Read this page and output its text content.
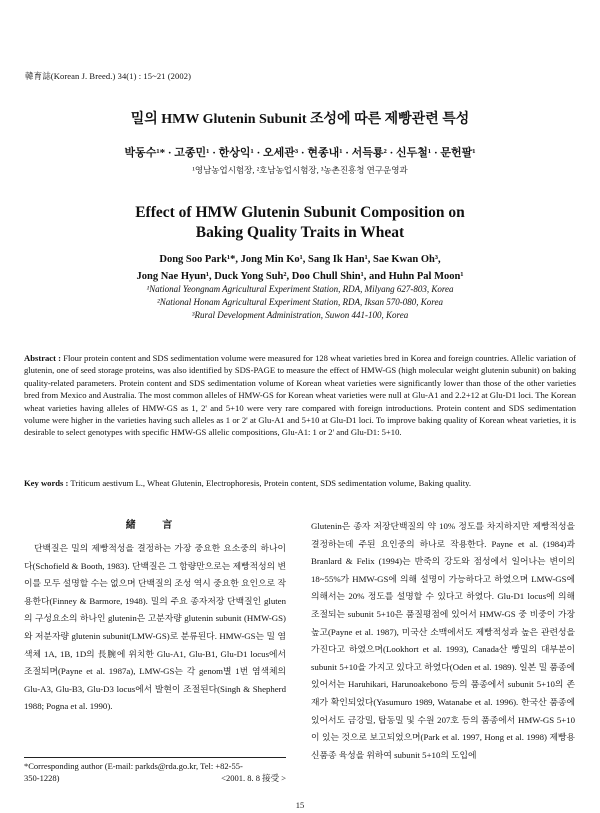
韓育誌(Korean J. Breed.) 34(1) : 15~21 (2002)
밀의 HMW Glutenin Subunit 조성에 따른 제빵관련 특성
박동수¹* · 고종민¹ · 한상익¹ · 오세관³ · 현종내¹ · 서득룡² · 신두철¹ · 문헌팔¹
¹영남농업시험장, ²호남농업시험장, ³농촌진흥청 연구운영과
Effect of HMW Glutenin Subunit Composition on
Baking Quality Traits in Wheat
Dong Soo Park¹*, Jong Min Ko¹, Sang Ik Han¹, Sae Kwan Oh³,
Jong Nae Hyun¹, Duck Yong Suh², Doo Chull Shin¹, and Huhn Pal Moon¹
¹National Yeongnam Agricultural Experiment Station, RDA, Milyang 627-803, Korea
²National Honam Agricultural Experiment Station, RDA, Iksan 570-080, Korea
³Rural Development Administration, Suwon 441-100, Korea
Abstract : Flour protein content and SDS sedimentation volume were measured for 128 wheat varieties bred in Korea and foreign countries. Allelic variation of glutenin, one of seed storage proteins, was also identified by SDS-PAGE to measure the effect of HMW-GS (high molecular weight glutenin subunit) on baking quality-related parameters. Protein content and SDS sedimentation volume of Korean wheat varieties were significantly lower than those of the other varieties bred from Mexico and Australia. The most common alleles of HMW-GS for Korean wheat varieties were null at Glu-A1 and 2.2+12 at Glu-D1 loci. The Korean wheat varieties having alleles of HMW-GS as 1, 2' and 5+10 were very rare compared with foreign introductions. Protein content and SDS sedimentation volume were higher in the varieties having such alleles as 1 or 2' at Glu-A1 and 5+10 at Glu-D1 loci. To improve baking quality of Korean wheat varieties, it is desirable to select genotypes with specific HMW-GS allelic compositions, Glu-A1: 1 or 2' and Glu-D1: 5+10.
Key words : Triticum aestivum L., Wheat Glutenin, Electrophoresis, Protein content, SDS sedimentation volume, Baking quality.
緒 言

단백질은 밀의 제빵적성을 결정하는 가장 중요한 요소중의 하나이다(Schofield & Booth, 1983). 단백질은 그 함량만으로는 제빵적성의 변이를 모두 설명할 수는 없으며 단백질의 조성 역시 중요한 요인으로 작용한다(Finney & Barmore, 1948). 밀의 주요 종자저장 단백질인 gluten의 구성요소의 하나인 glutenin은 고분자량 glutenin subunit (HMW-GS)와 저분자량 glutenin subunit(LMW-GS)로 분류된다. HMW-GS는 밀 염색체 1A, 1B, 1D의 長腕에 위치한 Glu-A1, Glu-B1, Glu-D1 locus에서 조절되며(Payne et al. 1987a), LMW-GS는 각 genom별 1번 염색체의 Glu-A3, Glu-B3, Glu-D3 locus에서 발현이 조절된다(Singh & Shepherd 1988; Pogna et al. 1990).

Glutenin은 종자 저장단백질의 약 10% 정도를 차지하지만 제빵적성을 결정하는데 주된 요인중의 하나로 작용한다. Payne et al. (1984)과 Branlard & Felix (1994)는 반죽의 강도와 점성에서 일어나는 변이의 18~55%가 HMW-GS에 의해 설명이 가능하다고 하였으며 LMW-GS에 의해서는 20% 정도를 설명할 수 있다고 하였다. Glu-D1 locus에 의해 조절되는 subunit 5+10은 품질평점에 있어서 HMW-GS 중 비중이 가장 높고(Payne et al. 1987), 미국산 소맥에서도 제빵적성과 높은 관련성을 가진다고 하였으며(Lookhort et al. 1993), Canada산 빵밀의 대부분이 subunit 5+10을 가지고 있다고 하였다(Oden et al. 1989). 일본 밀 품종에 있어서는 Haruhikari, Harunoakebono 등의 품종에서 subunit 5+10의 존재가 확인되었다(Yasumuro 1989, Watanabe et al. 1996). 한국산 품종에 있어서도 금강밀, 탑동밀 및 수원 207호 등의 품종에서 HMW-GS 5+10이 있는 것으로 보고되었으며(Park et al. 1997, Hong et al. 1998) 제빵용 신품종 육성을 위하여 subunit 5+10의 도입에

*Corresponding author (E-mail: parkds@rda.go.kr, Tel: +82-55-
350-1228)	<2001. 8. 8 接受 >
15
